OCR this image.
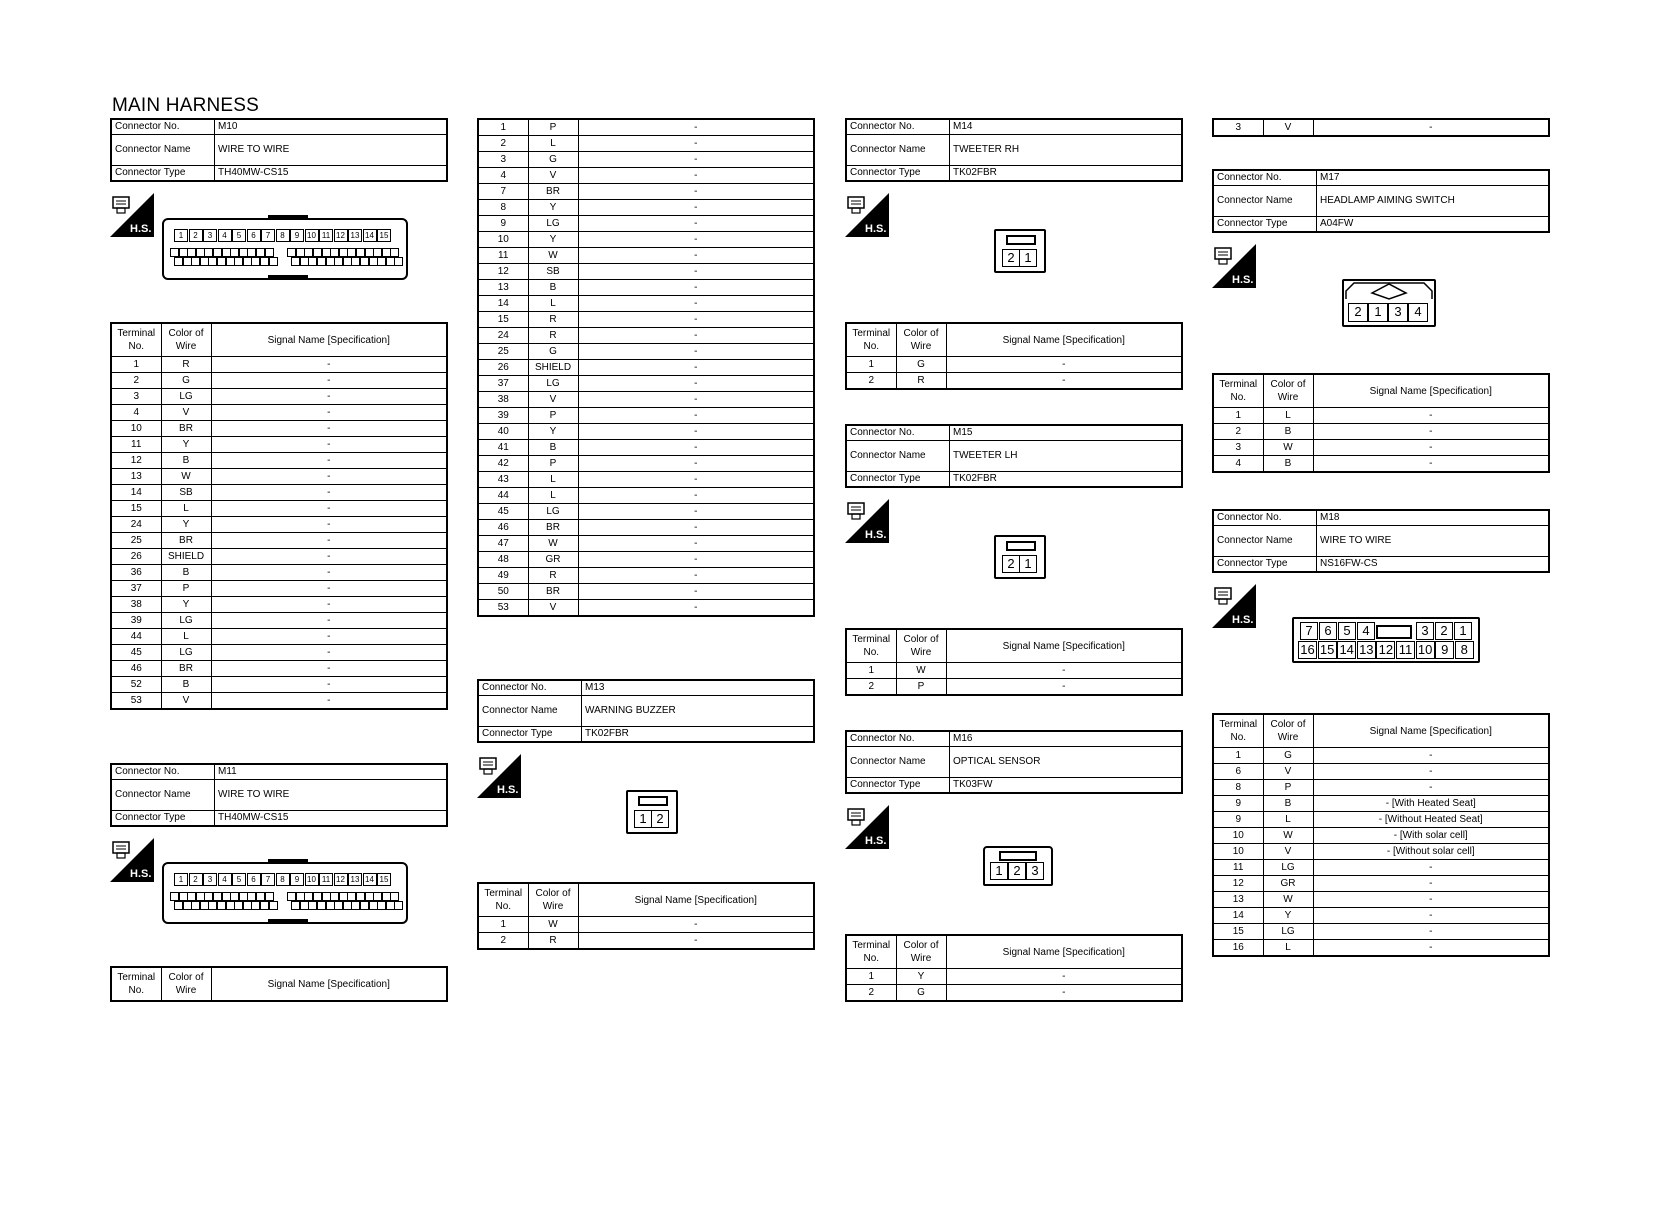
MAIN HARNESS
Connector No.	M10
Connector Name	WIRE TO WIRE
Connector Type	TH40MW-CS15
H.S.
1	2	3	4	5	6	7	8	9 10 11 12 13 14 15
Terminal No.	Color of Wire	Signal Name [Specification]
1	R	-
2	G	-
3	LG	-
4	V	-
10	BR	-
11	Y	-
12	B	-
13	W	-
14	SB	-
15	L	-
24	Y	-
25	BR	-
26	SHIELD	-
36	B	-
37	P	-
38	Y	-
39	LG	-
44	L	-
45	LG	-
46	BR	-
52	B	-
53	V	-
Connector No.	M11
Connector Name	WIRE TO WIRE
Connector Type	TH40MW-CS15
H.S.	1	2	3	4	5	6	7	8	9 10 11 12 13 14 15
Terminal No.	Color of Wire	Signal Name [Specification]
1	P	-
2	L	-
3	G	-
4	V	-
7	BR	-
8	Y	-
9	LG	-
10	Y	-
11	W	-
12	SB	-
13	B	-
14	L	-
15	R	-
24	R	-
25	G	-
26	SHIELD	-
37	LG	-
38	V	-
39	P	-
40	Y	-
41	B	-
42	P	-
43	L	-
44	L	-
45	LG	-
46	BR	-
47	W	-
48	GR	-
49	R	-
50	BR	-
53	V	-
Connector No.	M13
Connector Name	WARNING BUZZER
Connector Type	TK02FBR
H.S.
1 2
Terminal No.	Color of Wire	Signal Name [Specification]
1	W	-
2	R	-
Connector No.	M14
Connector Name	TWEETER RH
Connector Type	TK02FBR
H.S.
2 1
Terminal No.	Color of Wire	Signal Name [Specification]
1	G	-
2	R	-
Connector No.	M15
Connector Name	TWEETER LH
Connector Type	TK02FBR
H.S.
2 1
Terminal No.	Color of Wire	Signal Name [Specification]
1	W	-
2	P	-
Connector No.	M16
Connector Name	OPTICAL SENSOR
Connector Type	TK03FW
H.S.
1 2 3
Terminal No.	Color of Wire	Signal Name [Specification]
1	Y	-
2	G	-
3	V	-
Connector No.	M17
Connector Name	HEADLAMP AIMING SWITCH
Connector Type	A04FW
H.S.
2 1 3 4
Terminal No.	Color of Wire	Signal Name [Specification]
1	L	-
2	B	-
3	W	-
4	B	-
Connector No.	M18
Connector Name	WIRE TO WIRE
Connector Type	NS16FW-CS
H.S.
7 6 5 4	3 2 1
16 15 14 13 12 11 10 9 8
Terminal No.	Color of Wire	Signal Name [Specification]
1	G	-
6	V	-
8	P	-
9	B	- [With Heated Seat]
9	L	- [Without Heated Seat]
10	W	- [With solar cell]
10	V	- [Without solar cell]
11	LG	-
12	GR	-
13	W	-
14	Y	-
15	LG	-
16	L	-
